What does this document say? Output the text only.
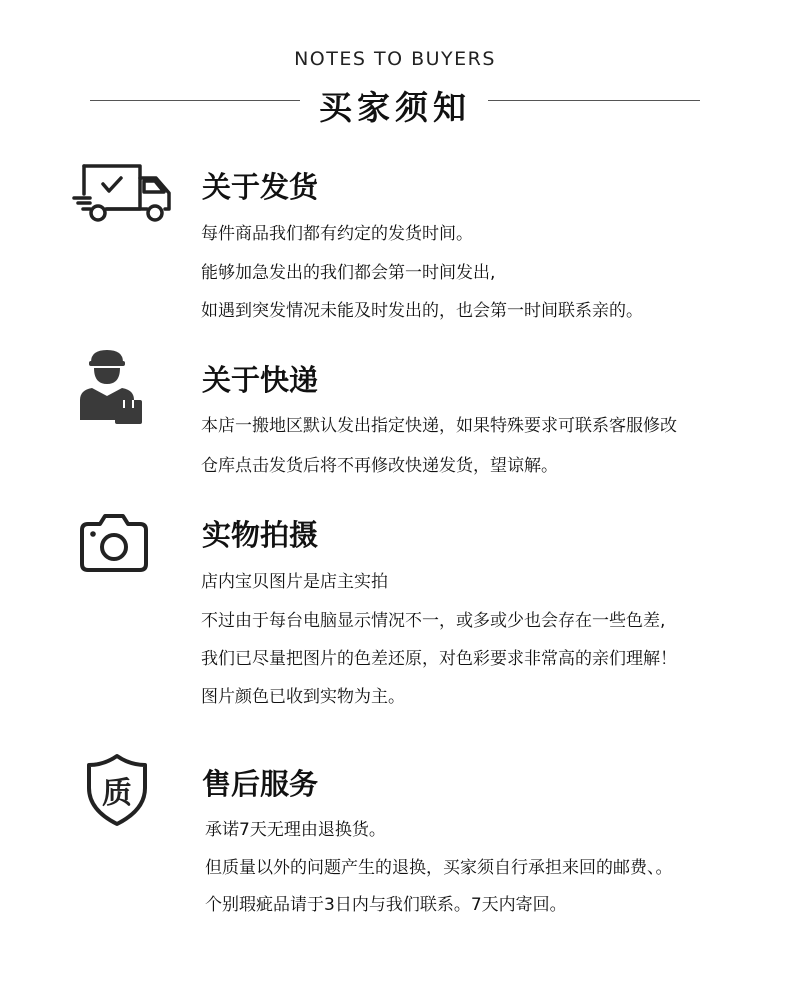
NOTES TO BUYERS
买家须知
关于发货
每件商品我们都有约定的发货时间。
能够加急发出的我们都会第一时间发出,
如遇到突发情况未能及时发出的，也会第一时间联系亲的。
关于快递
本店一搬地区默认发出指定快递，如果特殊要求可联系客服修改
仓库点击发货后将不再修改快递发货，望谅解。
实物拍摄
店内宝贝图片是店主实拍
不过由于每台电脑显示情况不一，或多或少也会存在一些色差,
我们已尽量把图片的色差还原，对色彩要求非常高的亲们理解！
图片颜色已收到实物为主。
质	售后服务
承诺7天无理由退换货。
但质量以外的问题产生的退换，买家须自行承担来回的邮费、。
个别瑕疵品请于3日内与我们联系。7天内寄回。
